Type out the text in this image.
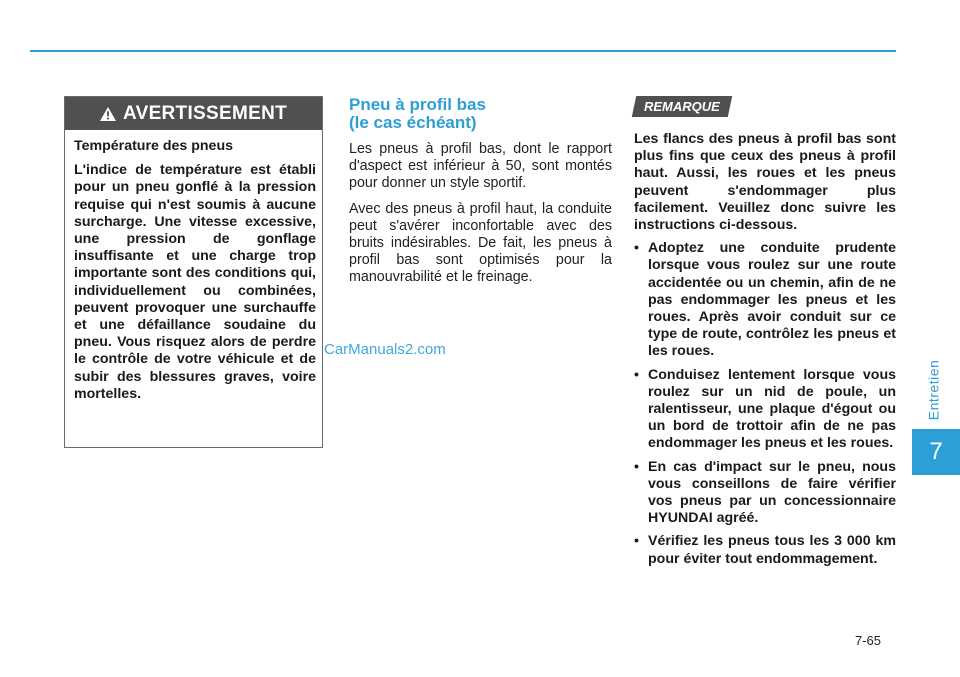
Entretien
7
AVERTISSEMENT

Température des pneus

L'indice de température est établi pour un pneu gonflé à la pression requise qui n'est soumis à aucune surcharge. Une vitesse excessive, une pression de gonflage insuffisante et une charge trop importante sont des conditions qui, individuellement ou combinées, peuvent provoquer une surchauffe et une défaillance soudaine du pneu. Vous risquez alors de perdre le contrôle de votre véhicule et de subir des blessures graves, voire mortelles.

Pneu à profil bas
(le cas échéant)

Les pneus à profil bas, dont le rapport d'aspect est inférieur à 50, sont montés pour donner un style sportif.

Avec des pneus à profil haut, la conduite peut s'avérer inconfortable avec des bruits indésirables. De fait, les pneus à profil bas sont optimisés pour la manouvrabilité et le freinage.

CarManuals2.com
REMARQUE

Les flancs des pneus à profil bas sont plus fins que ceux des pneus à profil haut. Aussi, les roues et les pneus peuvent s'endommager plus facilement. Veuillez donc suivre les instructions ci-dessous.

• Adoptez une conduite prudente lorsque vous roulez sur une route accidentée ou un chemin, afin de ne pas endommager les pneus et les roues. Après avoir conduit sur ce type de route, contrôlez les pneus et les roues.
• Conduisez lentement lorsque vous roulez sur un nid de poule, un ralentisseur, une plaque d'égout ou un bord de trottoir afin de ne pas endommager les pneus et les roues.
• En cas d'impact sur le pneu, nous vous conseillons de faire vérifier vos pneus par un concessionnaire HYUNDAI agréé.
• Vérifiez les pneus tous les 3 000 km pour éviter tout endommagement.
7-65
